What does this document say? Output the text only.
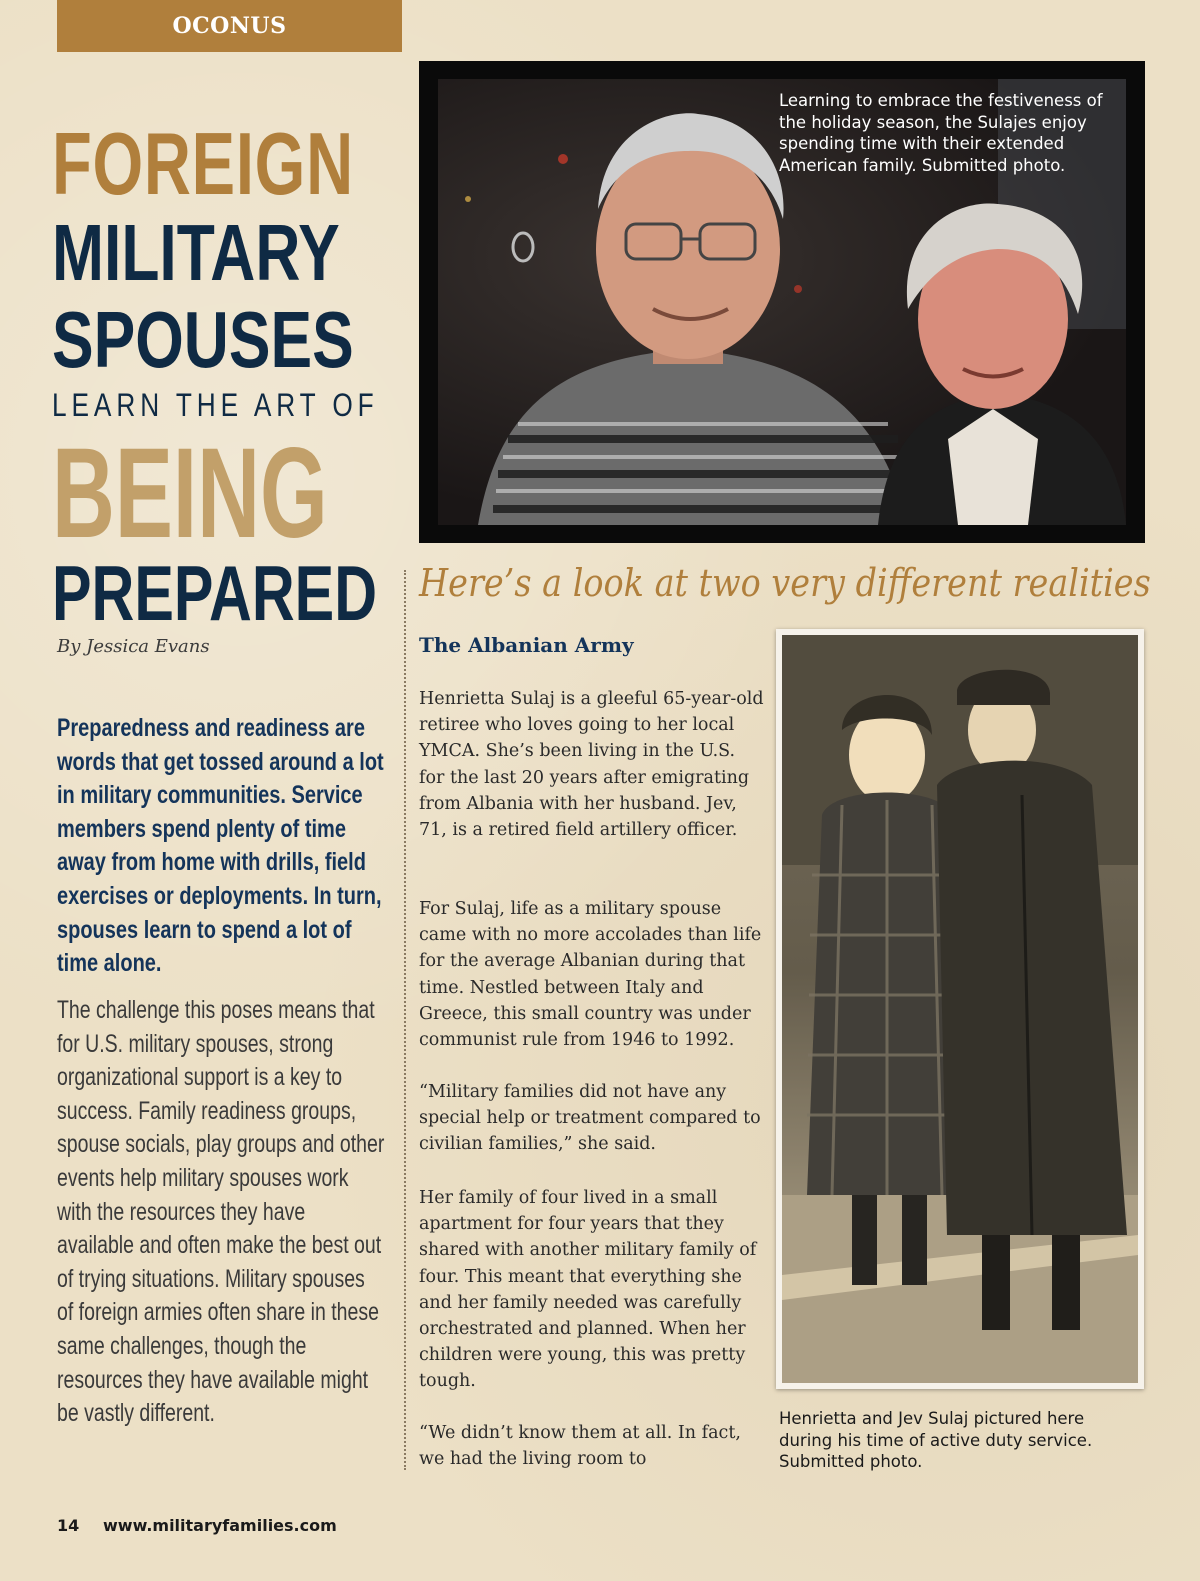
OCONUS
FOREIGN
MILITARY
SPOUSES
LEARN THE ART OF
BEING
PREPARED
By Jessica Evans
Preparedness and readiness are words that get tossed around a lot in military communities. Service members spend plenty of time away from home with drills, field exercises or deployments. In turn, spouses learn to spend a lot of time alone.
The challenge this poses means that for U.S. military spouses, strong organizational support is a key to success. Family readiness groups, spouse socials, play groups and other events help military spouses work with the resources they have available and often make the best out of trying situations. Military spouses of foreign armies often share in these same challenges, though the resources they have available might be vastly different.
Learning to embrace the festiveness of the holiday season, the Sulajes enjoy spending time with their extended American family. Submitted photo.
Here’s a look at two very different realities
The Albanian Army
Henrietta Sulaj is a gleeful 65-year-old retiree who loves going to her local YMCA. She’s been living in the U.S. for the last 20 years after emigrating from Albania with her husband. Jev, 71, is a retired field artillery officer.
For Sulaj, life as a military spouse came with no more accolades than life for the average Albanian during that time. Nestled between Italy and Greece, this small country was under communist rule from 1946 to 1992.
“Military families did not have any special help or treatment compared to civilian families,” she said.
Her family of four lived in a small apartment for four years that they shared with another military family of four. This meant that everything she and her family needed was carefully orchestrated and planned. When her children were young, this was pretty tough.
“We didn’t know them at all. In fact, we had the living room to
Henrietta and Jev Sulaj pictured here during his time of active duty service. Submitted photo.
14 www.militaryfamilies.com
